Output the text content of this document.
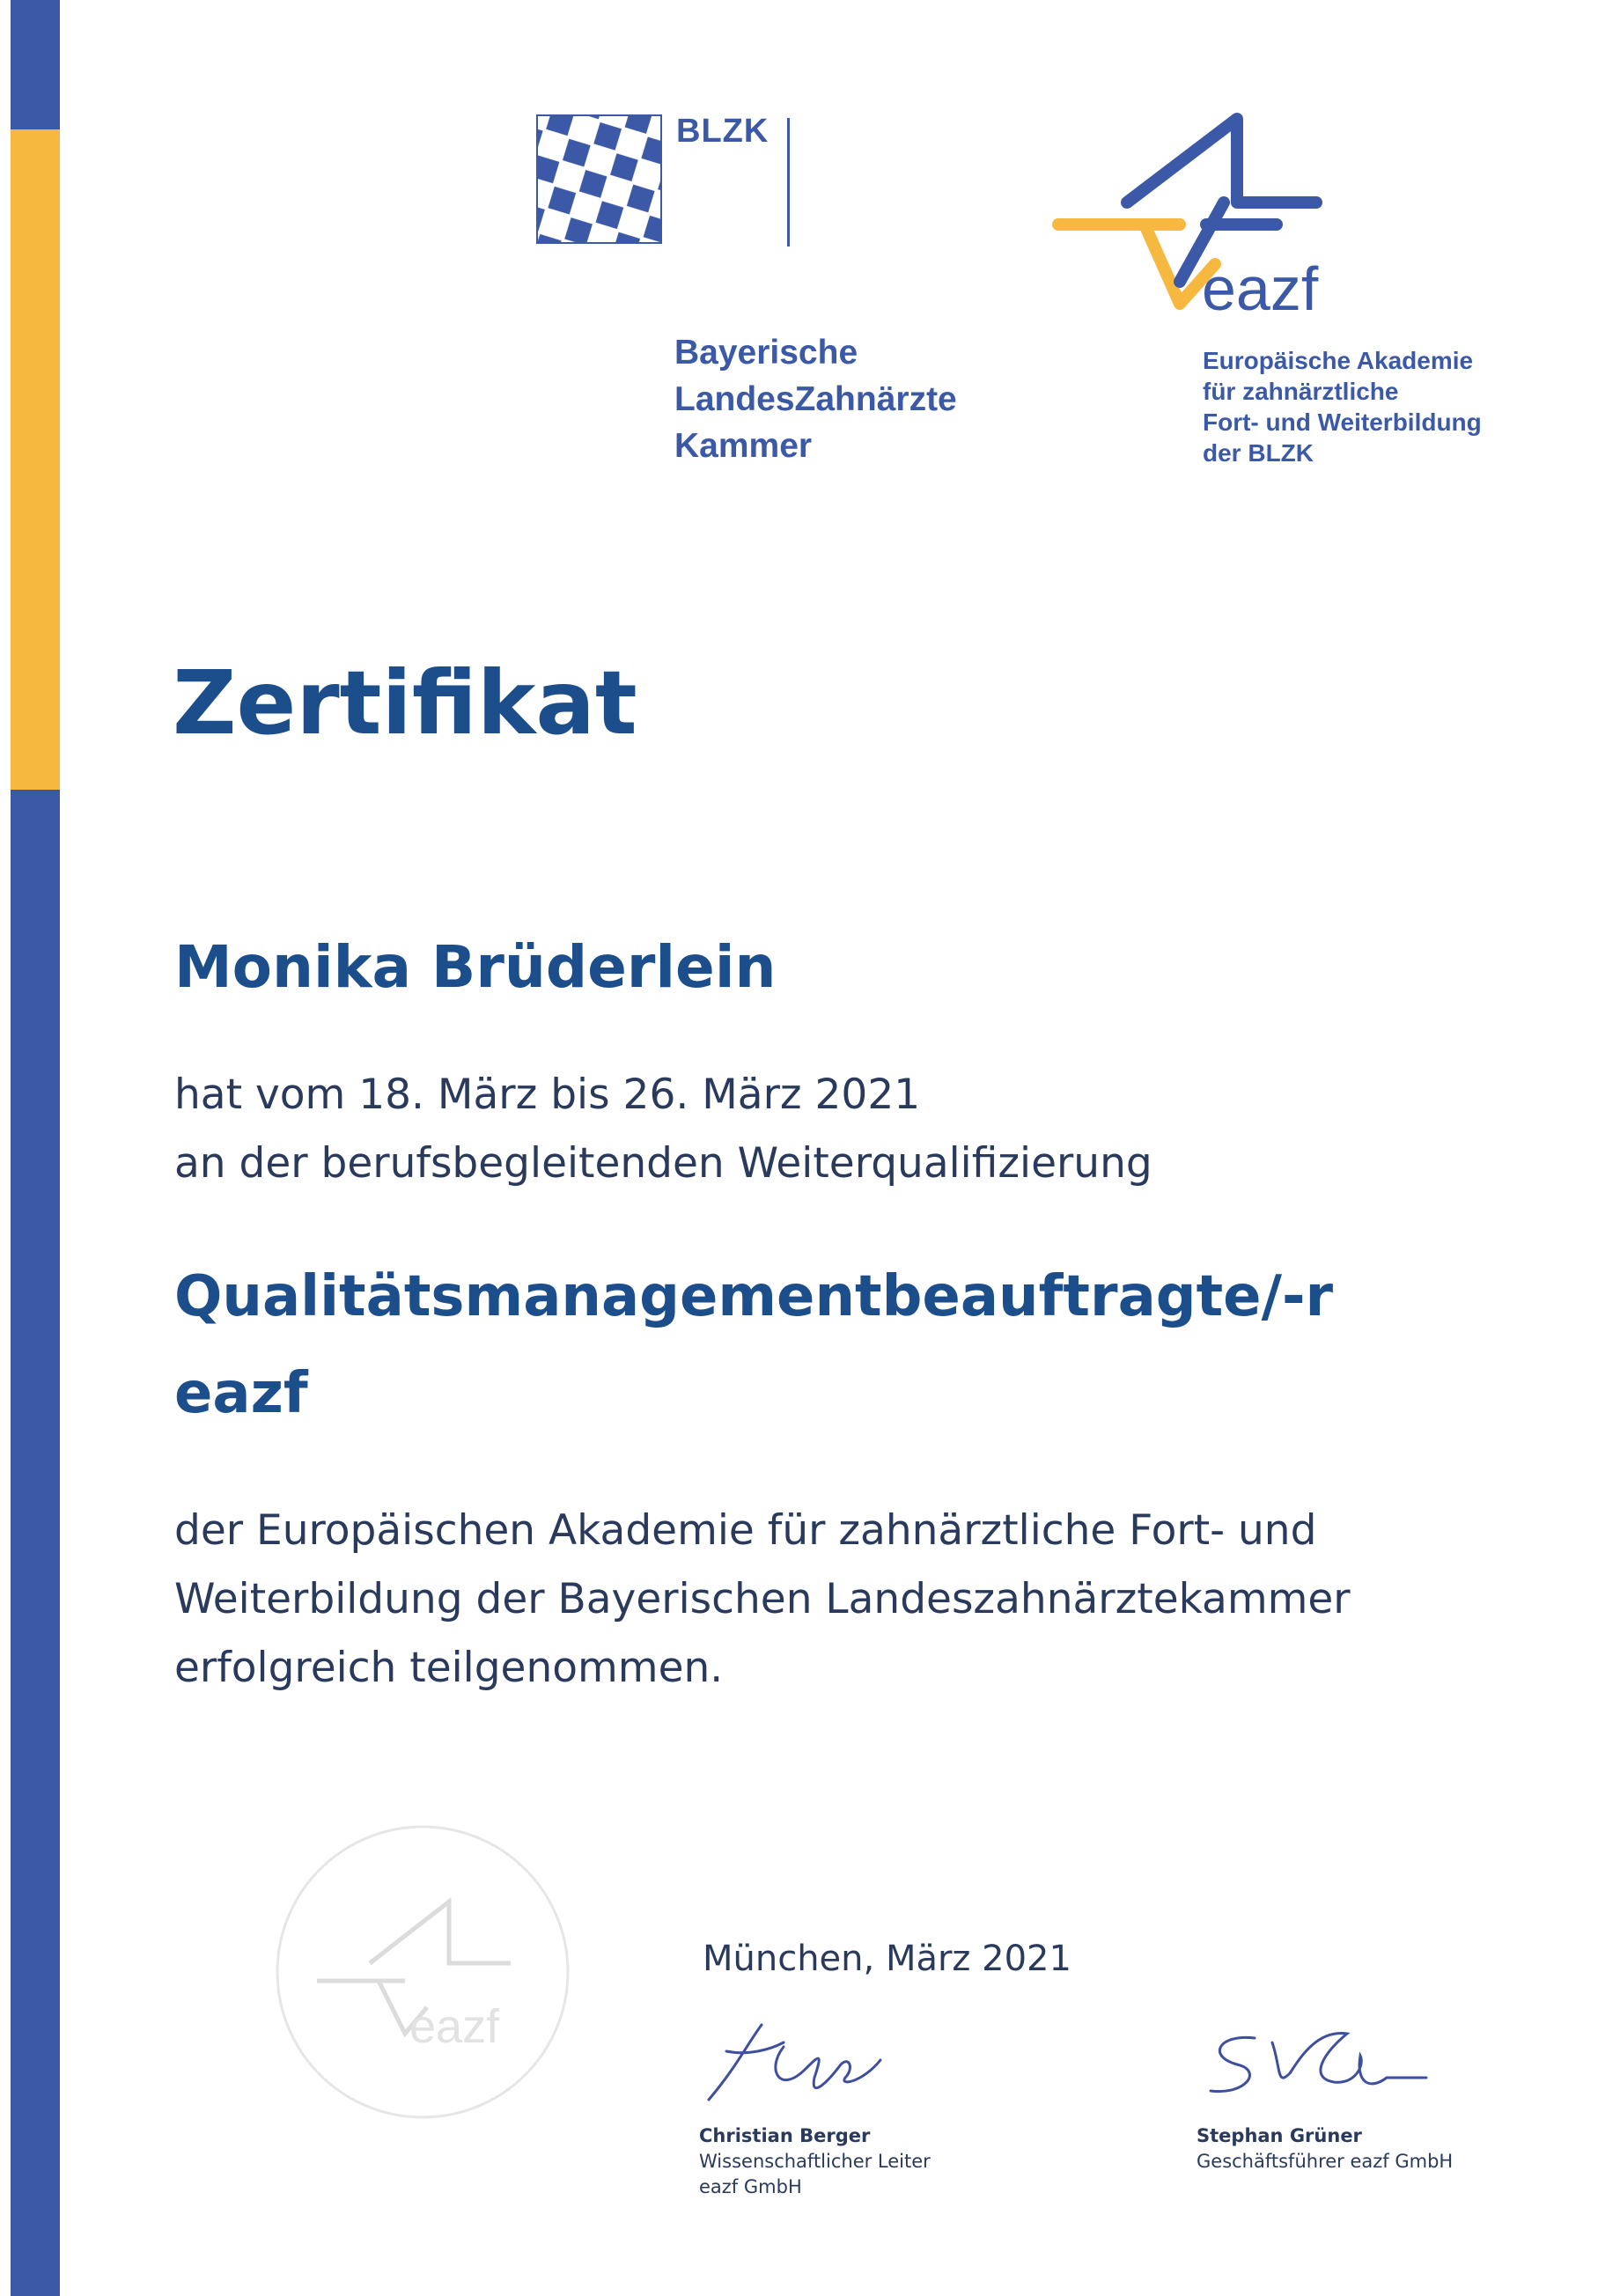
BLZK
Bayerische
LandesZahnärzte
Kammer
eazf
Europäische Akademie
für zahnärztliche
Fort- und Weiterbildung
der BLZK
Zertifikat
Monika Brüderlein
hat vom 18. März bis 26. März 2021
an der berufsbegleitenden Weiterqualifizierung
Qualitätsmanagementbeauftragte/-r
eazf
der Europäischen Akademie für zahnärztliche Fort- und
Weiterbildung der Bayerischen Landeszahnärztekammer
erfolgreich teilgenommen.
eazf
München, März 2021
Christian Berger
Wissenschaftlicher Leiter
eazf GmbH
Stephan Grüner
Geschäftsführer eazf GmbH
